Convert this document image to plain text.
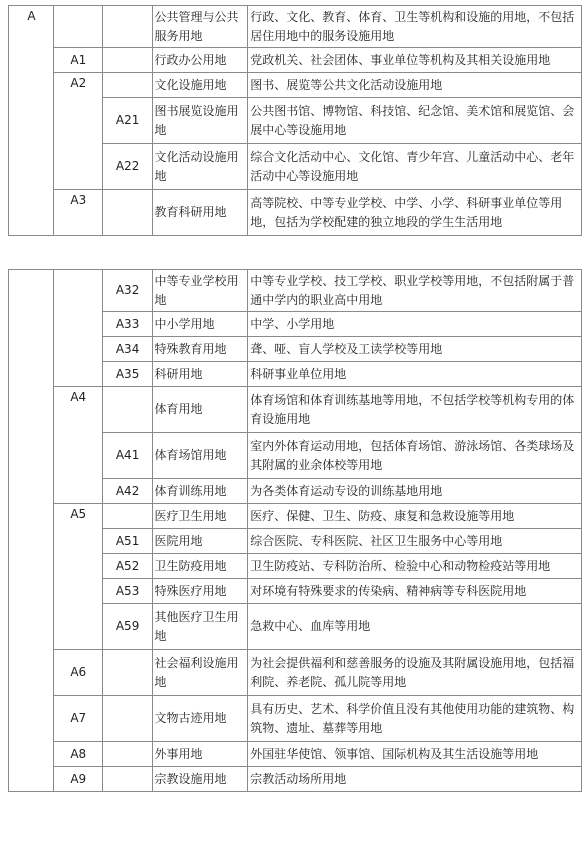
A			公共管理与公共服务用地	行政、文化、教育、体育、卫生等机构和设施的用地，不包括居住用地中的服务设施用地
	A1		行政办公用地	党政机关、社会团体、事业单位等机构及其相关设施用地
	A2		文化设施用地	图书、展览等公共文化活动设施用地
		A21	图书展览设施用地	公共图书馆、博物馆、科技馆、纪念馆、美术馆和展览馆、会展中心等设施用地
		A22	文化活动设施用地	综合文化活动中心、文化馆、青少年宫、儿童活动中心、老年活动中心等设施用地
	A3		教育科研用地	高等院校、中等专业学校、中学、小学、科研事业单位等用地，包括为学校配建的独立地段的学生生活用地
		A32	中等专业学校用地	中等专业学校、技工学校、职业学校等用地，不包括附属于普通中学内的职业高中用地
		A33	中小学用地	中学、小学用地
		A34	特殊教育用地	聋、哑、盲人学校及工读学校等用地
		A35	科研用地	科研事业单位用地
	A4		体育用地	体育场馆和体育训练基地等用地，不包括学校等机构专用的体育设施用地
		A41	体育场馆用地	室内外体育运动用地，包括体育场馆、游泳场馆、各类球场及其附属的业余体校等用地
		A42	体育训练用地	为各类体育运动专设的训练基地用地
	A5		医疗卫生用地	医疗、保健、卫生、防疫、康复和急救设施等用地
		A51	医院用地	综合医院、专科医院、社区卫生服务中心等用地
		A52	卫生防疫用地	卫生防疫站、专科防治所、检验中心和动物检疫站等用地
		A53	特殊医疗用地	对环境有特殊要求的传染病、精神病等专科医院用地
		A59	其他医疗卫生用地	急救中心、血库等用地
	A6		社会福利设施用地	为社会提供福利和慈善服务的设施及其附属设施用地，包括福利院、养老院、孤儿院等用地
	A7		文物古迹用地	具有历史、艺术、科学价值且没有其他使用功能的建筑物、构筑物、遗址、墓葬等用地
	A8		外事用地	外国驻华使馆、领事馆、国际机构及其生活设施等用地
	A9		宗教设施用地	宗教活动场所用地
